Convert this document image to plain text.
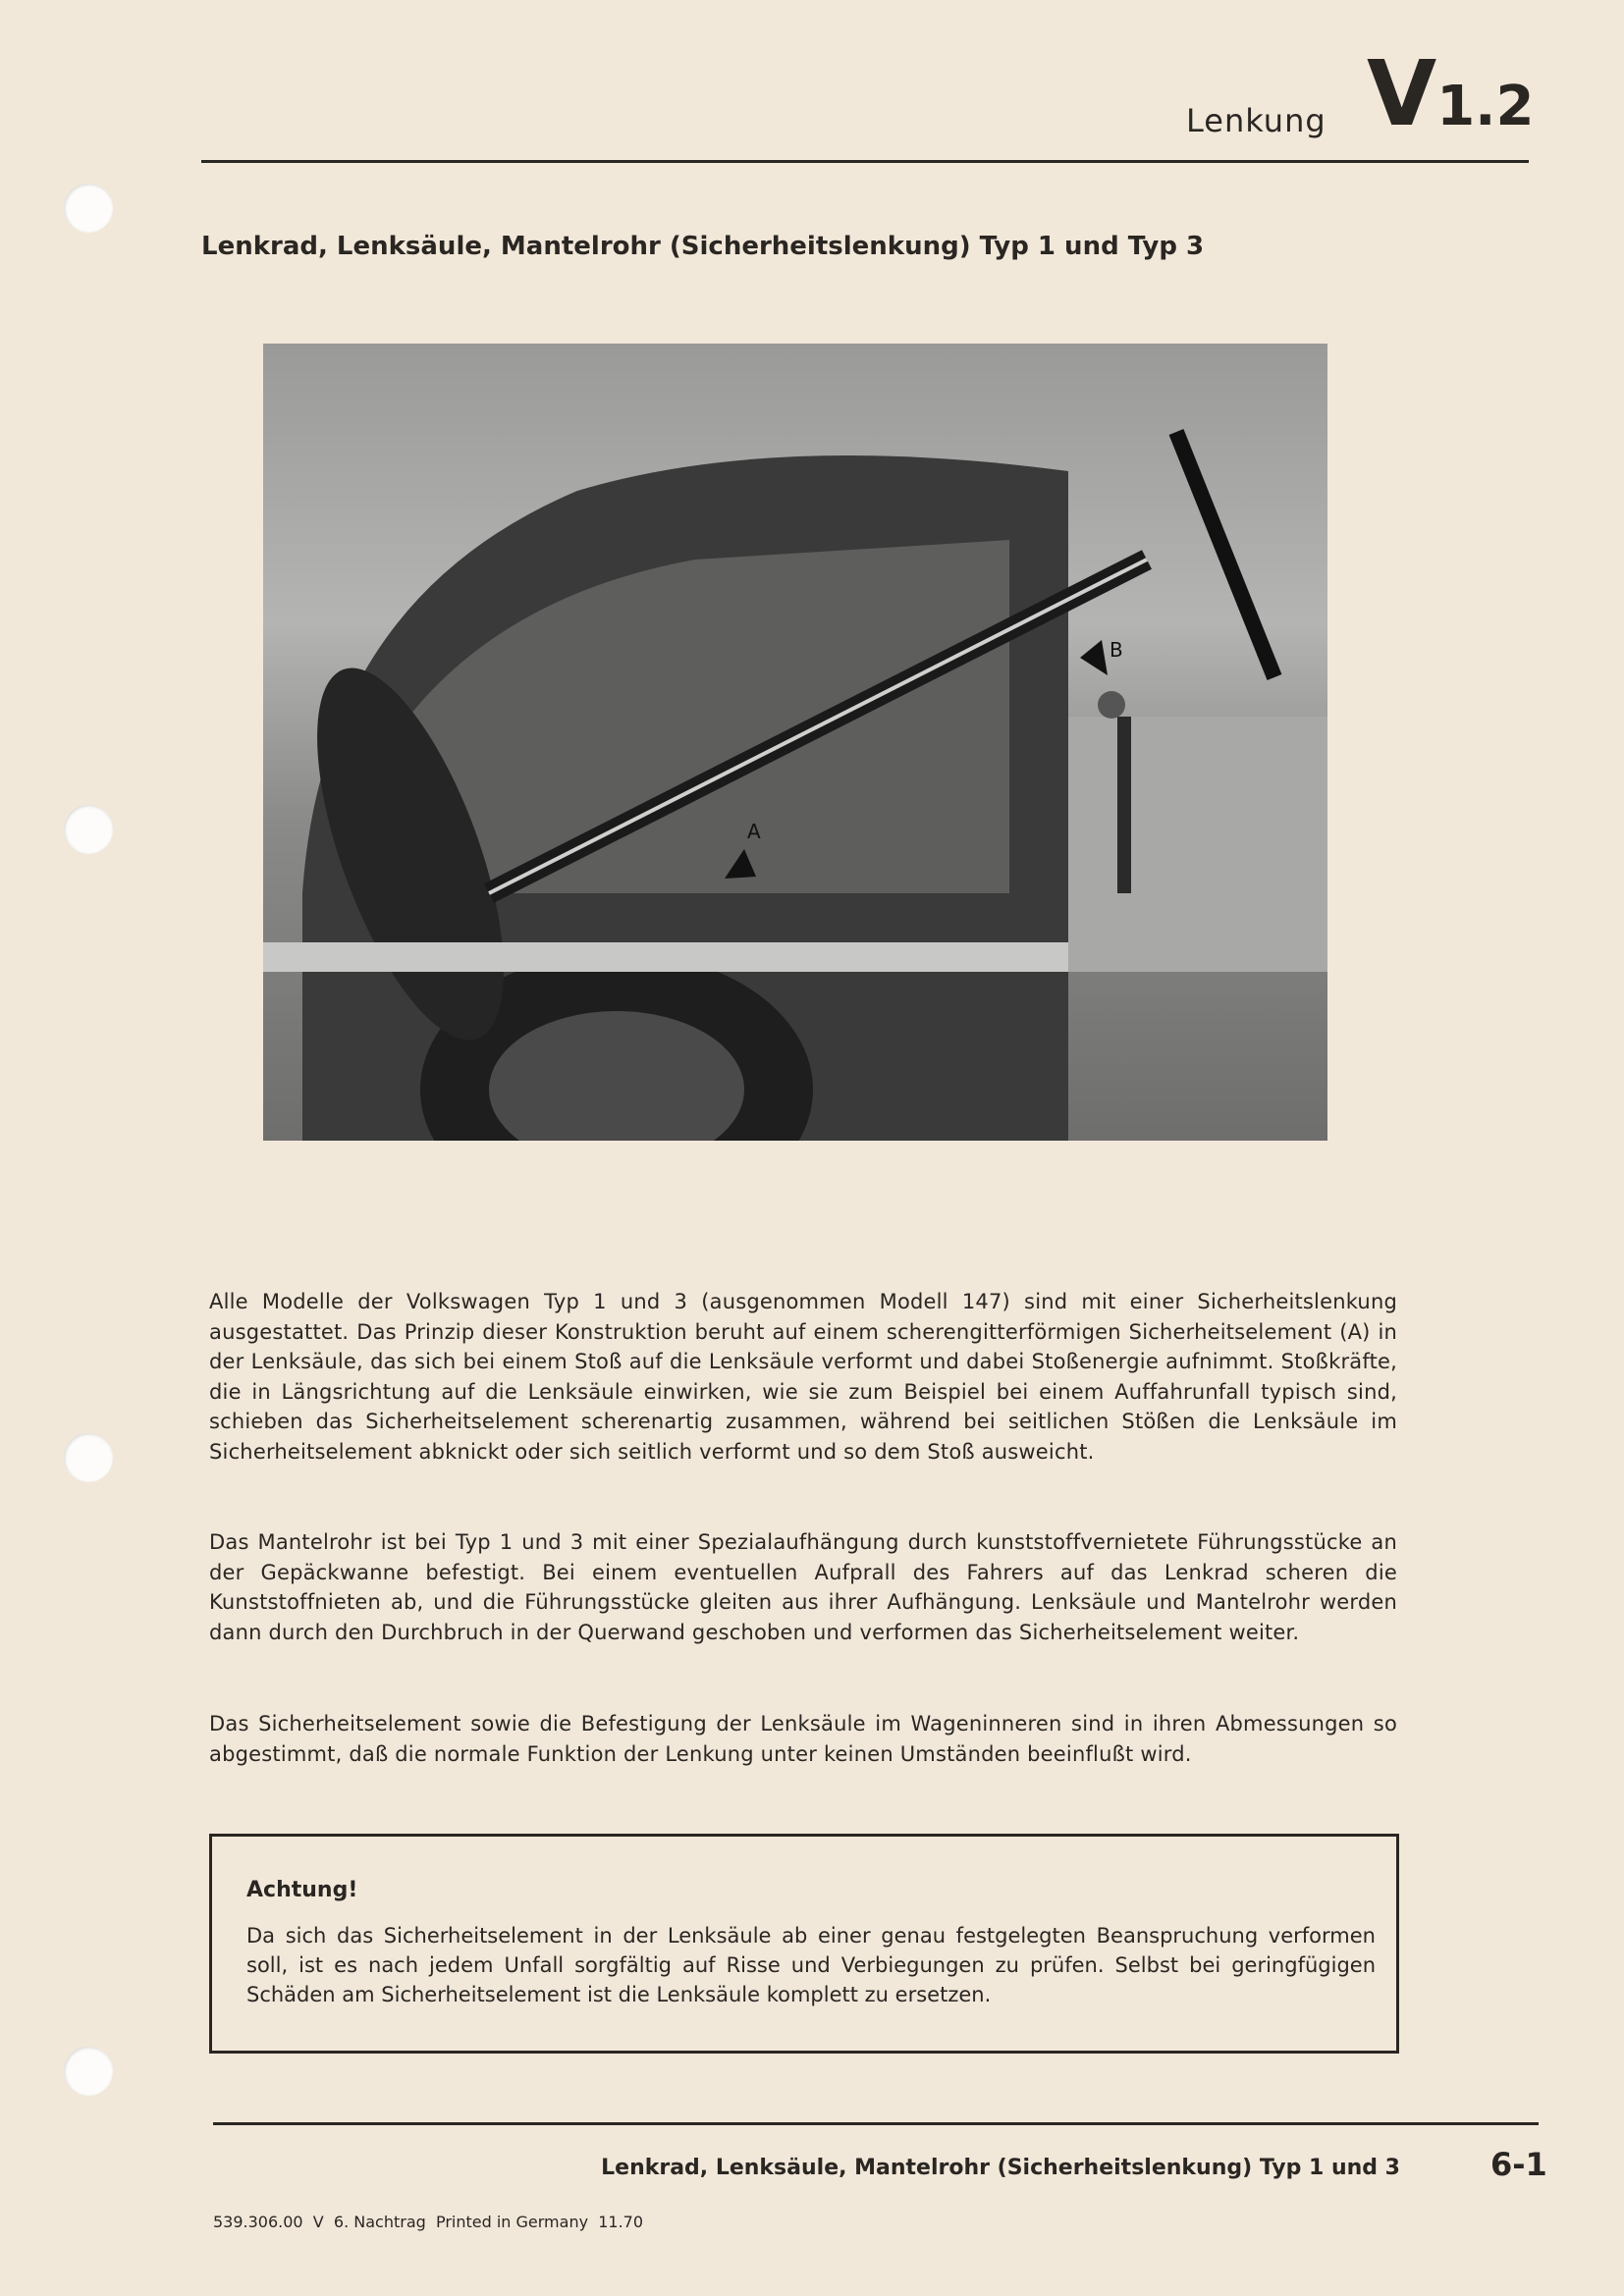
Lenkung V1.2
Lenkrad, Lenksäule, Mantelrohr (Sicherheitslenkung) Typ 1 und Typ 3
A
B
Alle Modelle der Volkswagen Typ 1 und 3 (ausgenommen Modell 147) sind mit einer Sicherheitslenkung ausgestattet. Das Prinzip dieser Konstruktion beruht auf einem scherengitterförmigen Sicherheitselement (A) in der Lenksäule, das sich bei einem Stoß auf die Lenksäule verformt und dabei Stoßenergie aufnimmt. Stoßkräfte, die in Längsrichtung auf die Lenksäule einwirken, wie sie zum Beispiel bei einem Auffahrunfall typisch sind, schieben das Sicherheitselement scherenartig zusammen, während bei seitlichen Stößen die Lenksäule im Sicherheitselement abknickt oder sich seitlich verformt und so dem Stoß ausweicht.
Das Mantelrohr ist bei Typ 1 und 3 mit einer Spezialaufhängung durch kunststoffvernietete Führungsstücke an der Gepäckwanne befestigt. Bei einem eventuellen Aufprall des Fahrers auf das Lenkrad scheren die Kunststoffnieten ab, und die Führungsstücke gleiten aus ihrer Aufhängung. Lenksäule und Mantelrohr werden dann durch den Durchbruch in der Querwand geschoben und verformen das Sicherheitselement weiter.
Das Sicherheitselement sowie die Befestigung der Lenksäule im Wageninneren sind in ihren Abmessungen so abgestimmt, daß die normale Funktion der Lenkung unter keinen Umständen beeinflußt wird.
Achtung!
Da sich das Sicherheitselement in der Lenksäule ab einer genau festgelegten Beanspruchung verformen soll, ist es nach jedem Unfall sorgfältig auf Risse und Verbiegungen zu prüfen. Selbst bei geringfügigen Schäden am Sicherheitselement ist die Lenksäule komplett zu ersetzen.
Lenkrad, Lenksäule, Mantelrohr (Sicherheitslenkung) Typ 1 und 3	6-1
539.306.00  V  6. Nachtrag  Printed in Germany  11.70
